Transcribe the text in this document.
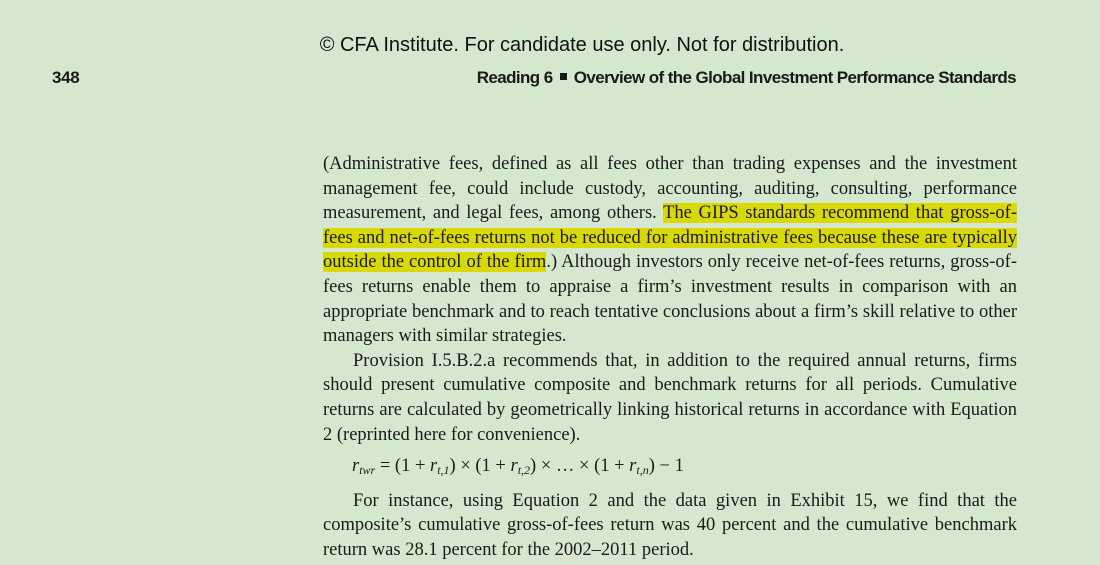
© CFA Institute. For candidate use only. Not for distribution.
348	Reading 6 Overview of the Global Investment Performance Standards

(Administrative fees, defined as all fees other than trading expenses and the investment management fee, could include custody, accounting, auditing, consulting, performance measurement, and legal fees, among others. The GIPS standards recommend that gross-of-fees and net-of-fees returns not be reduced for administrative fees because these are typically outside the control of the firm.) Although investors only receive net-of-fees returns, gross-of-fees returns enable them to appraise a firm’s investment results in comparison with an appropriate benchmark and to reach tentative conclusions about a firm’s skill relative to other managers with similar strategies.

Provision I.5.B.2.a recommends that, in addition to the required annual returns, firms should present cumulative composite and benchmark returns for all periods. Cumulative returns are calculated by geometrically linking historical returns in accordance with Equation 2 (reprinted here for convenience).

$r_{twr} = (1 + r_{t,1}) \times (1 + r_{t,2})$ × … × $(1 + r_{t,n}) - 1$

For instance, using Equation 2 and the data given in Exhibit 15, we find that the composite’s cumulative gross-of-fees return was 40 percent and the cumulative benchmark return was 28.1 percent for the 2002–2011 period.
